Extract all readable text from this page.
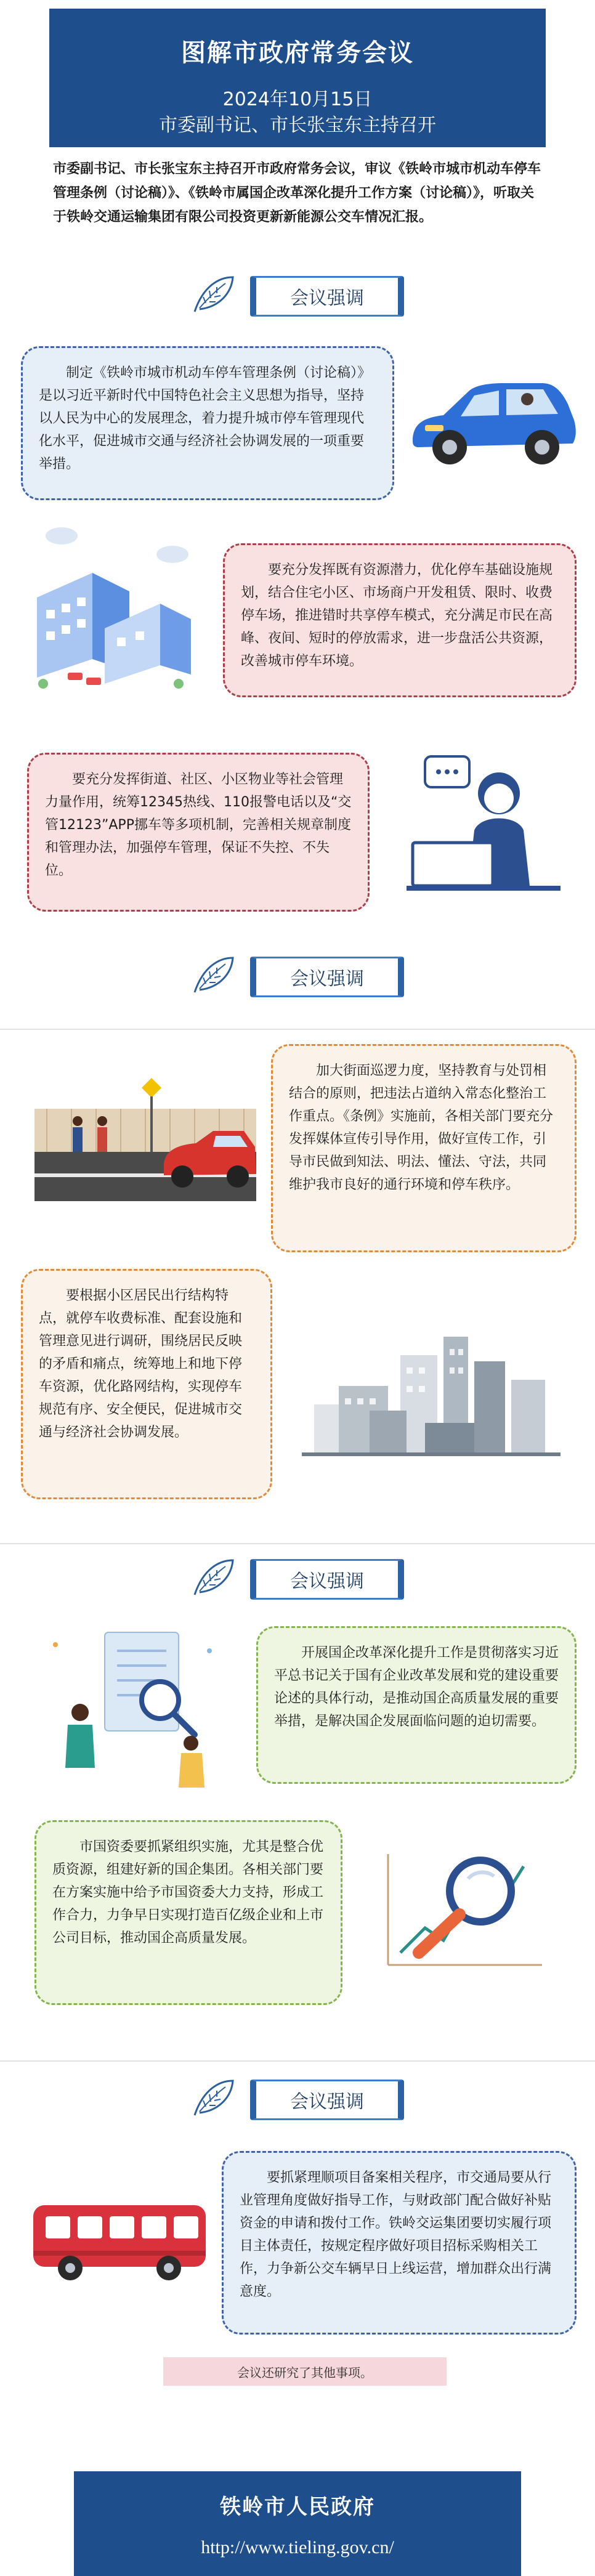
图解市政府常务会议
2024年10月15日
市委副书记、市长张宝东主持召开
市委副书记、市长张宝东主持召开市政府常务会议，审议《铁岭市城市机动车停车管理条例（讨论稿）》、《铁岭市属国企改革深化提升工作方案（讨论稿）》，听取关于铁岭交通运输集团有限公司投资更新新能源公交车情况汇报。
会议强调
制定《铁岭市城市机动车停车管理条例（讨论稿）》是以习近平新时代中国特色社会主义思想为指导，坚持以人民为中心的发展理念，着力提升城市停车管理现代化水平，促进城市交通与经济社会协调发展的一项重要举措。
要充分发挥既有资源潜力，优化停车基础设施规划，结合住宅小区、市场商户开发租赁、限时、收费停车场，推进错时共享停车模式，充分满足市民在高峰、夜间、短时的停放需求，进一步盘活公共资源，改善城市停车环境。
要充分发挥街道、社区、小区物业等社会管理力量作用，统筹12345热线、110报警电话以及“交管12123”APP挪车等多项机制，完善相关规章制度和管理办法，加强停车管理，保证不失控、不失位。
会议强调
加大街面巡逻力度，坚持教育与处罚相结合的原则，把违法占道纳入常态化整治工作重点。《条例》实施前，各相关部门要充分发挥媒体宣传引导作用，做好宣传工作，引导市民做到知法、明法、懂法、守法，共同维护我市良好的通行环境和停车秩序。
要根据小区居民出行结构特点，就停车收费标准、配套设施和管理意见进行调研，围绕居民反映的矛盾和痛点，统筹地上和地下停车资源，优化路网结构，实现停车规范有序、安全便民，促进城市交通与经济社会协调发展。
会议强调
开展国企改革深化提升工作是贯彻落实习近平总书记关于国有企业改革发展和党的建设重要论述的具体行动，是推动国企高质量发展的重要举措，是解决国企发展面临问题的迫切需要。
市国资委要抓紧组织实施，尤其是整合优质资源，组建好新的国企集团。各相关部门要在方案实施中给予市国资委大力支持，形成工作合力，力争早日实现打造百亿级企业和上市公司目标，推动国企高质量发展。
会议强调
要抓紧理顺项目备案相关程序，市交通局要从行业管理角度做好指导工作，与财政部门配合做好补贴资金的申请和拨付工作。铁岭交运集团要切实履行项目主体责任，按规定程序做好项目招标采购相关工作，力争新公交车辆早日上线运营，增加群众出行满意度。
会议还研究了其他事项。
铁岭市人民政府
http://www.tieling.gov.cn/
